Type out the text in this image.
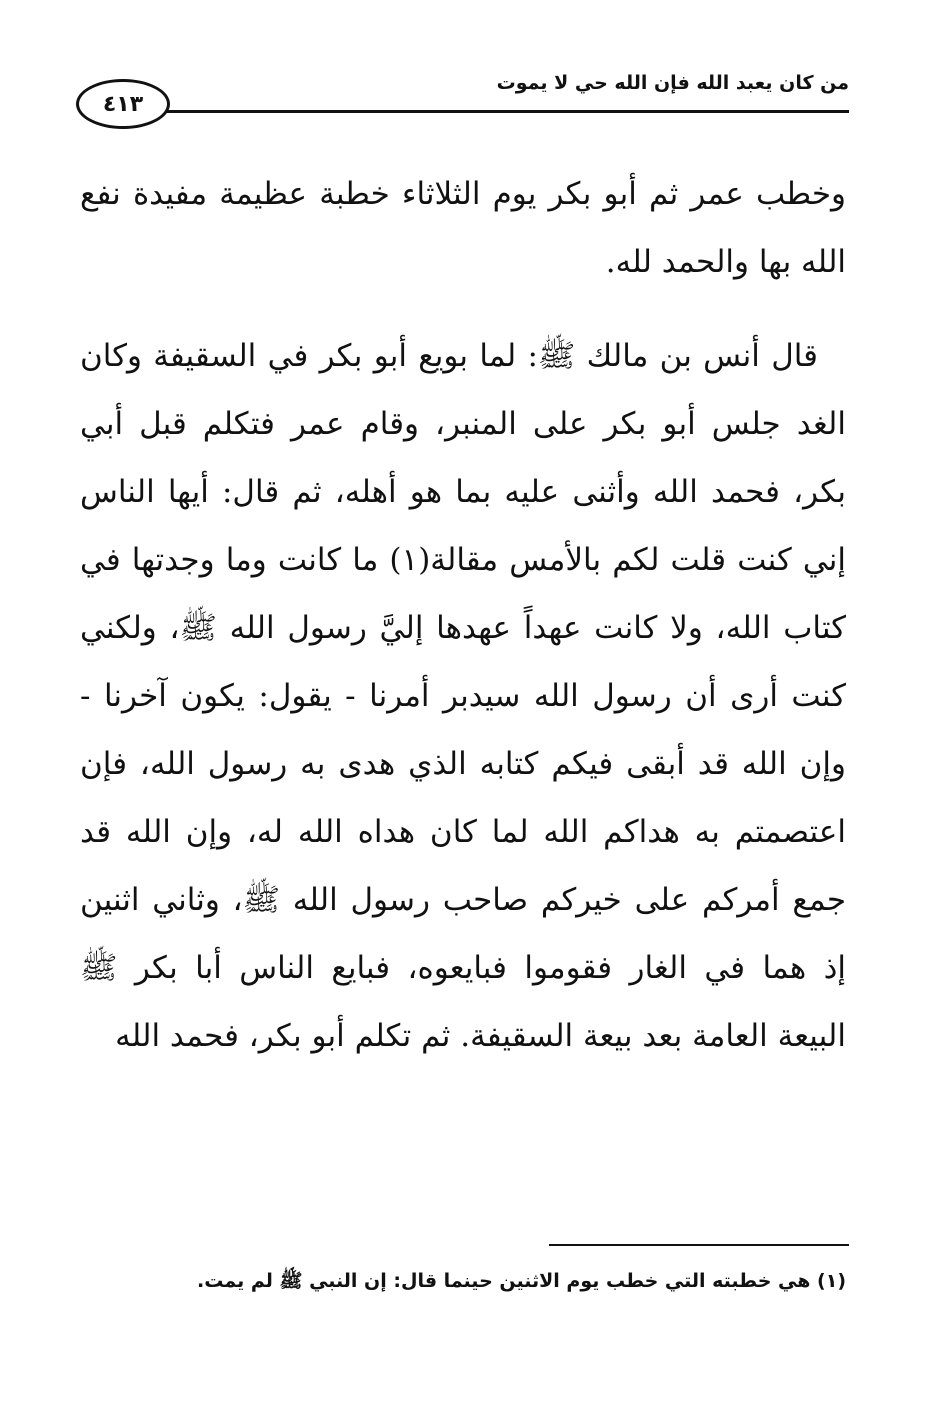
من كان يعبد الله فإن الله حي لا يموت
٤١٣

وخطب عمر ثم أبو بكر يوم الثلاثاء خطبة عظيمة مفيدة نفع الله بها والحمد لله.

قال أنس بن مالك ﷺ: لما بويع أبو بكر في السقيفة وكان الغد جلس أبو بكر على المنبر، وقام عمر فتكلم قبل أبي بكر، فحمد الله وأثنى عليه بما هو أهله، ثم قال: أيها الناس إني كنت قلت لكم بالأمس مقالة(١) ما كانت وما وجدتها في كتاب الله، ولا كانت عهداً عهدها إليَّ رسول الله ﷺ، ولكني كنت أرى أن رسول الله سيدبر أمرنا - يقول: يكون آخرنا - وإن الله قد أبقى فيكم كتابه الذي هدى به رسول الله، فإن اعتصمتم به هداكم الله لما كان هداه الله له، وإن الله قد جمع أمركم على خيركم صاحب رسول الله ﷺ، وثاني اثنين إذ هما في الغار فقوموا فبايعوه، فبايع الناس أبا بكر ﷺ البيعة العامة بعد بيعة السقيفة. ثم تكلم أبو بكر، فحمد الله

(١) هي خطبته التي خطب يوم الاثنين حينما قال: إن النبي ﷺ لم يمت.
